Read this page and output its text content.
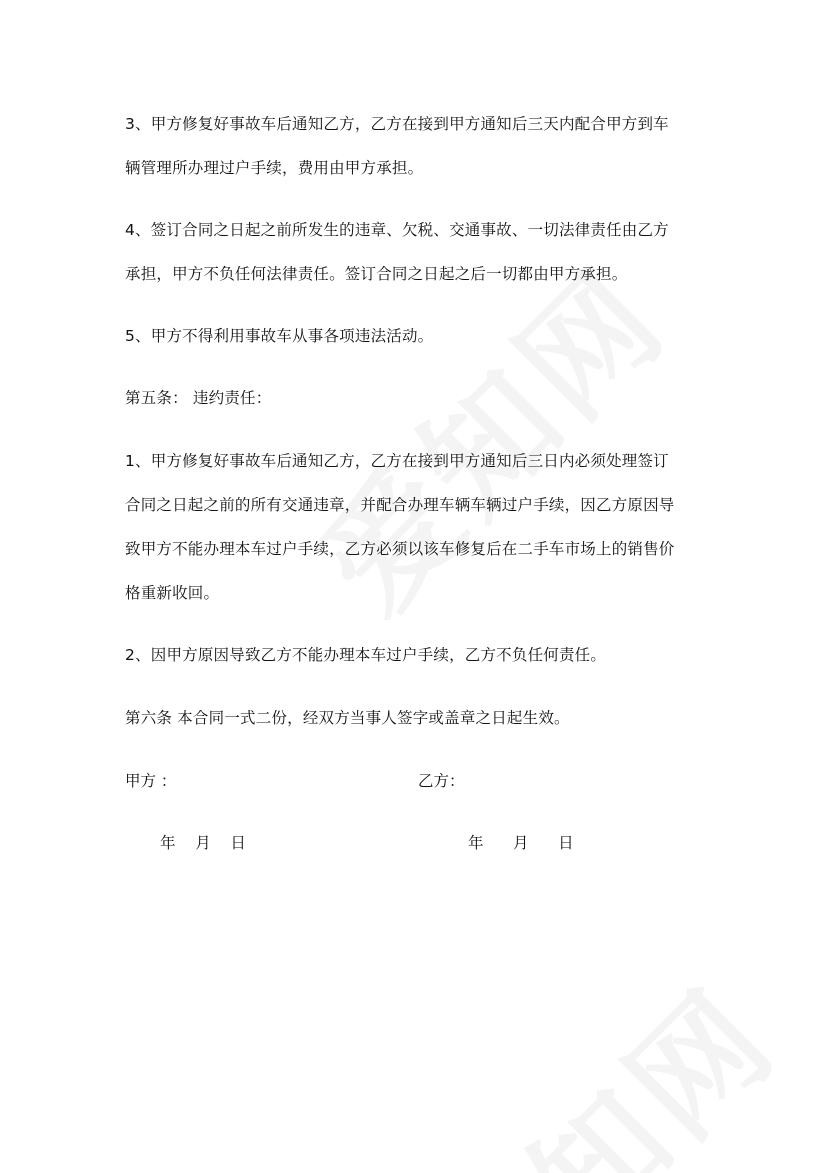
3、甲方修复好事故车后通知乙方，乙方在接到甲方通知后三天内配合甲方到车
辆管理所办理过户手续，费用由甲方承担。
4、签订合同之日起之前所发生的违章、欠税、交通事故、一切法律责任由乙方
承担，甲方不负任何法律责任。签订合同之日起之后一切都由甲方承担。
5、甲方不得利用事故车从事各项违法活动。
第五条： 违约责任：
1、甲方修复好事故车后通知乙方，乙方在接到甲方通知后三日内必须处理签订
合同之日起之前的所有交通违章，并配合办理车辆车辆过户手续，因乙方原因导
致甲方不能办理本车过户手续，乙方必须以该车修复后在二手车市场上的销售价
格重新收回。
2、因甲方原因导致乙方不能办理本车过户手续，乙方不负任何责任。
第六条 本合同一式二份，经双方当事人签字或盖章之日起生效。
甲方 ：	乙方：
年    月    日	年      月      日
